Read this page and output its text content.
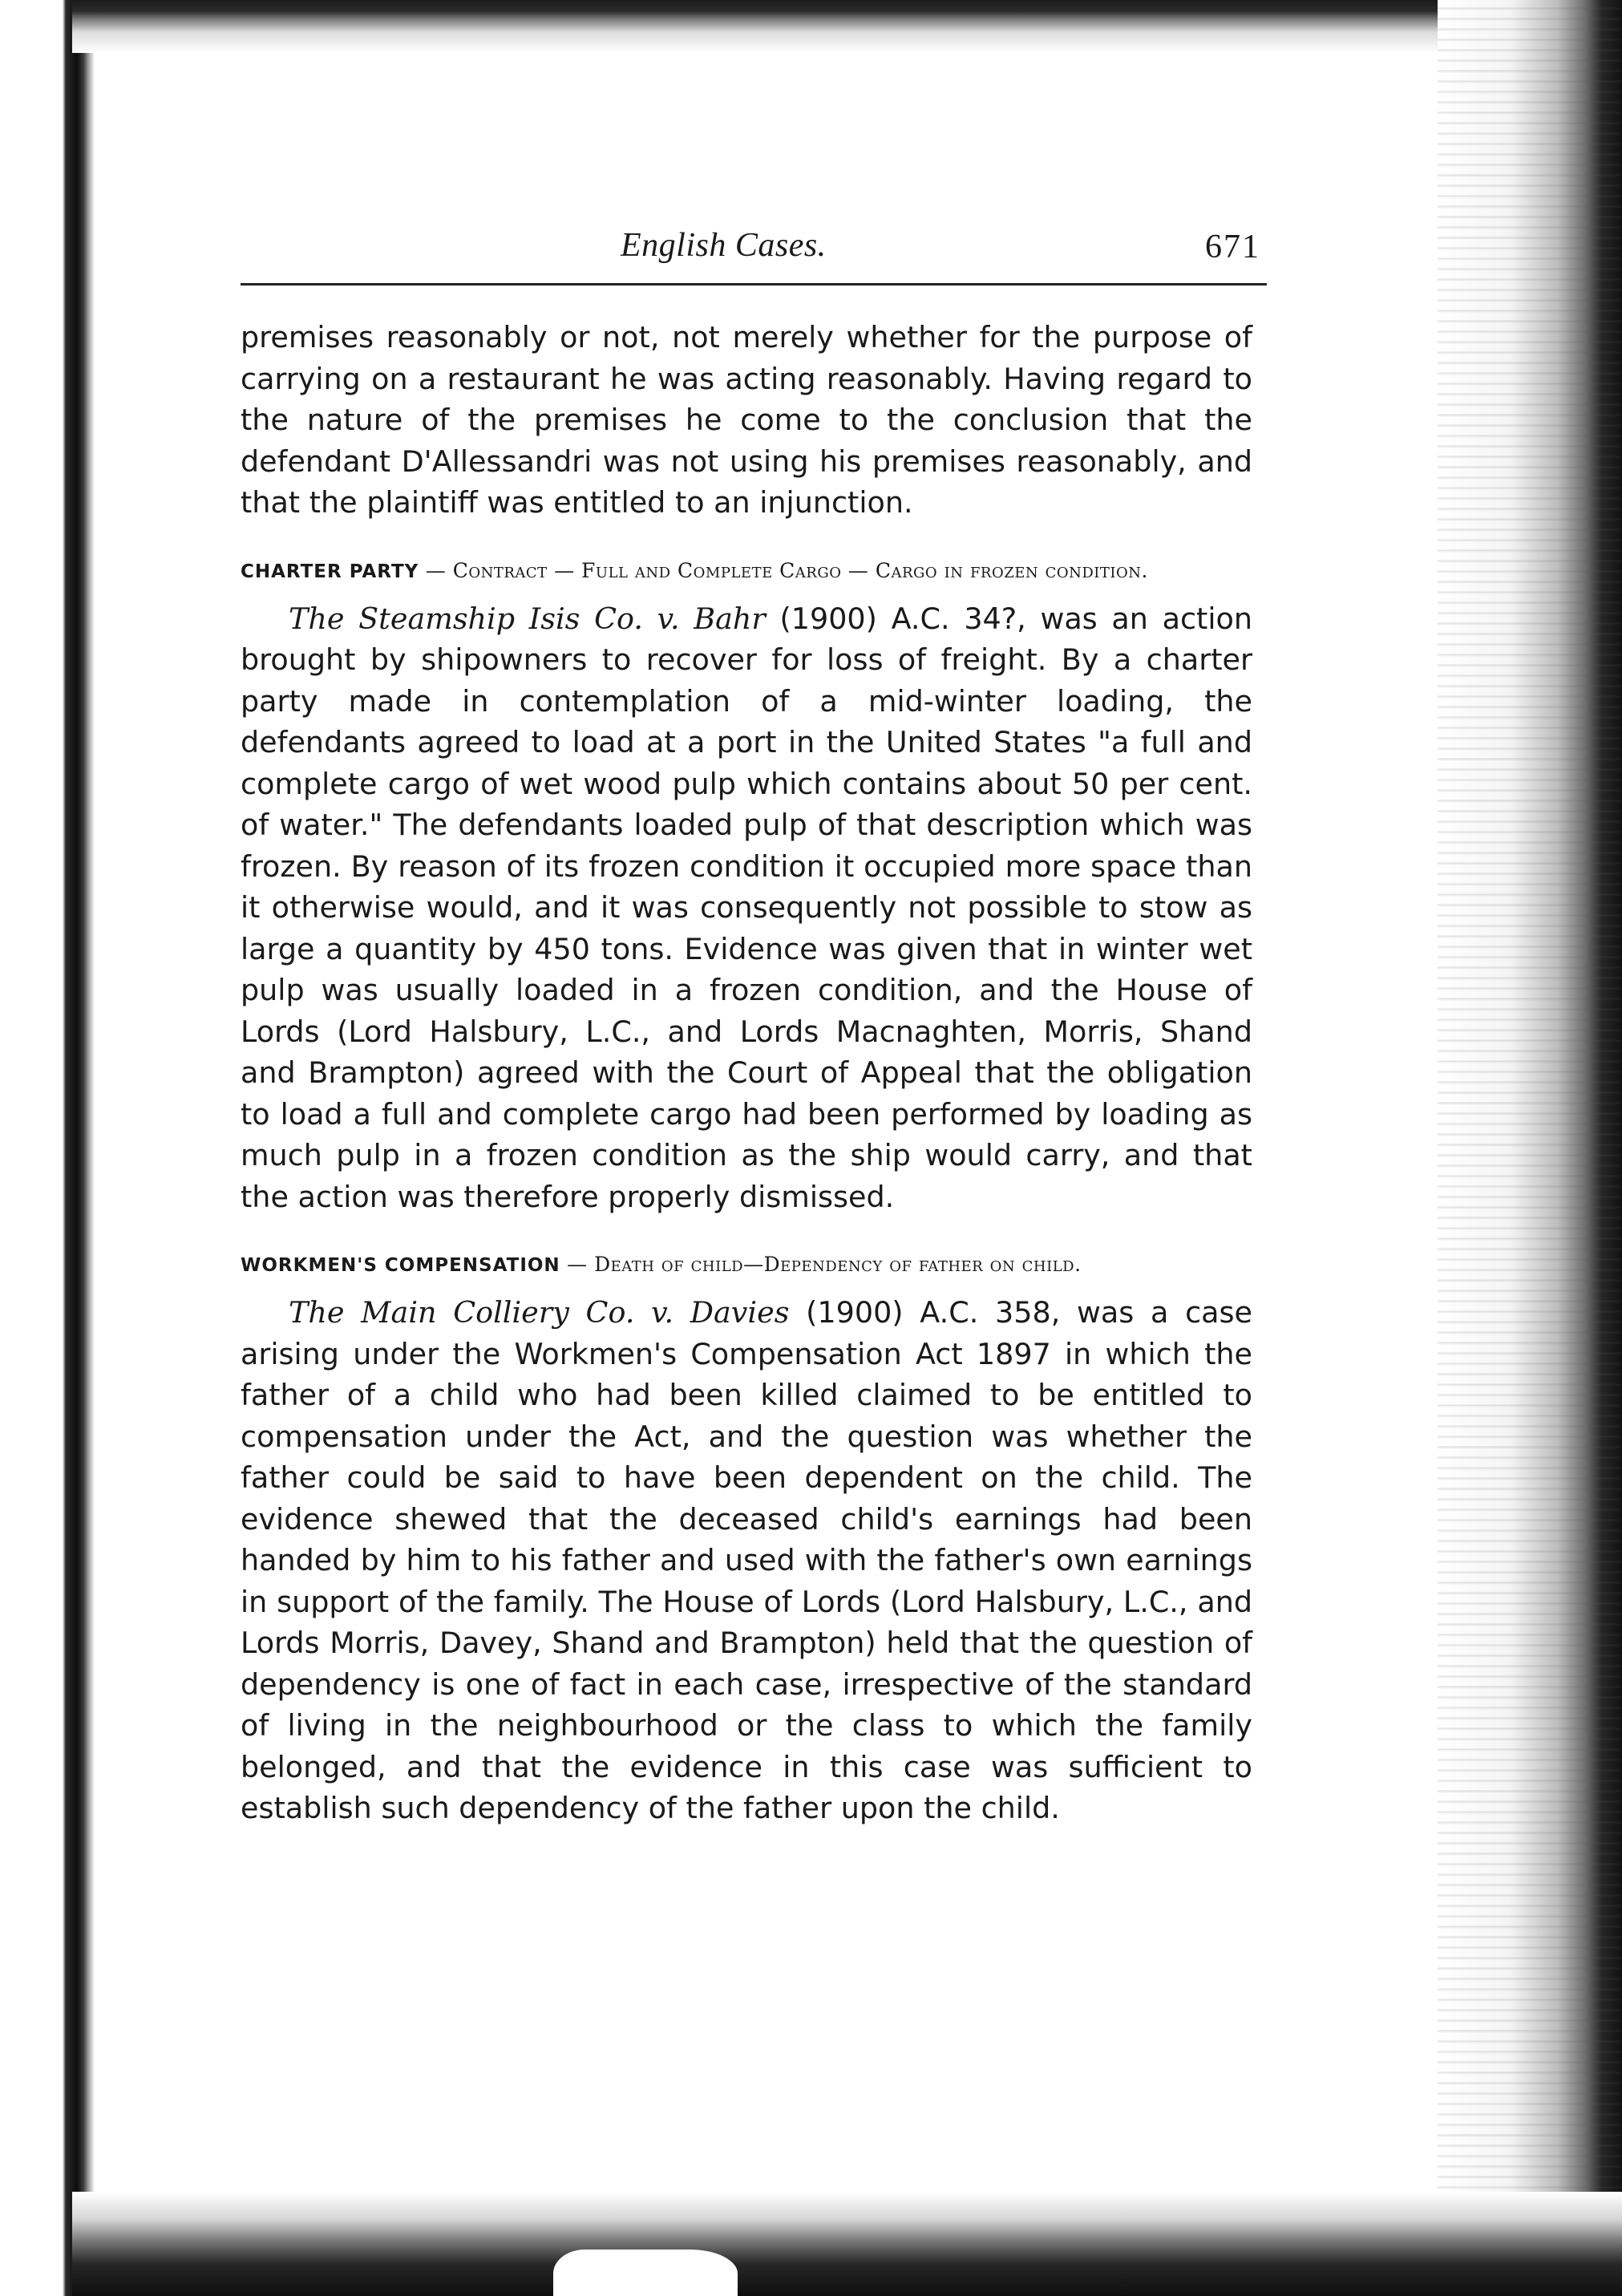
English Cases.	671

premises reasonably or not, not merely whether for the purpose of carrying on a restaurant he was acting reasonably. Having regard to the nature of the premises he come to the conclusion that the defendant D'Allessandri was not using his premises reasonably, and that the plaintiff was entitled to an injunction.

CHARTER PARTY — Contract — Full and Complete Cargo — Cargo in frozen condition.

The Steamship Isis Co. v. Bahr (1900) A.C. 34?, was an action brought by shipowners to recover for loss of freight. By a charter party made in contemplation of a mid-winter loading, the defendants agreed to load at a port in the United States "a full and complete cargo of wet wood pulp which contains about 50 per cent. of water." The defendants loaded pulp of that description which was frozen. By reason of its frozen condition it occupied more space than it otherwise would, and it was consequently not possible to stow as large a quantity by 450 tons. Evidence was given that in winter wet pulp was usually loaded in a frozen condition, and the House of Lords (Lord Halsbury, L.C., and Lords Macnaghten, Morris, Shand and Brampton) agreed with the Court of Appeal that the obligation to load a full and complete cargo had been performed by loading as much pulp in a frozen condition as the ship would carry, and that the action was therefore properly dismissed.

WORKMEN'S COMPENSATION — Death of child—Dependency of father on child.

The Main Colliery Co. v. Davies (1900) A.C. 358, was a case arising under the Workmen's Compensation Act 1897 in which the father of a child who had been killed claimed to be entitled to compensation under the Act, and the question was whether the father could be said to have been dependent on the child. The evidence shewed that the deceased child's earnings had been handed by him to his father and used with the father's own earnings in support of the family. The House of Lords (Lord Halsbury, L.C., and Lords Morris, Davey, Shand and Brampton) held that the question of dependency is one of fact in each case, irrespective of the standard of living in the neighbourhood or the class to which the family belonged, and that the evidence in this case was sufficient to establish such dependency of the father upon the child.
